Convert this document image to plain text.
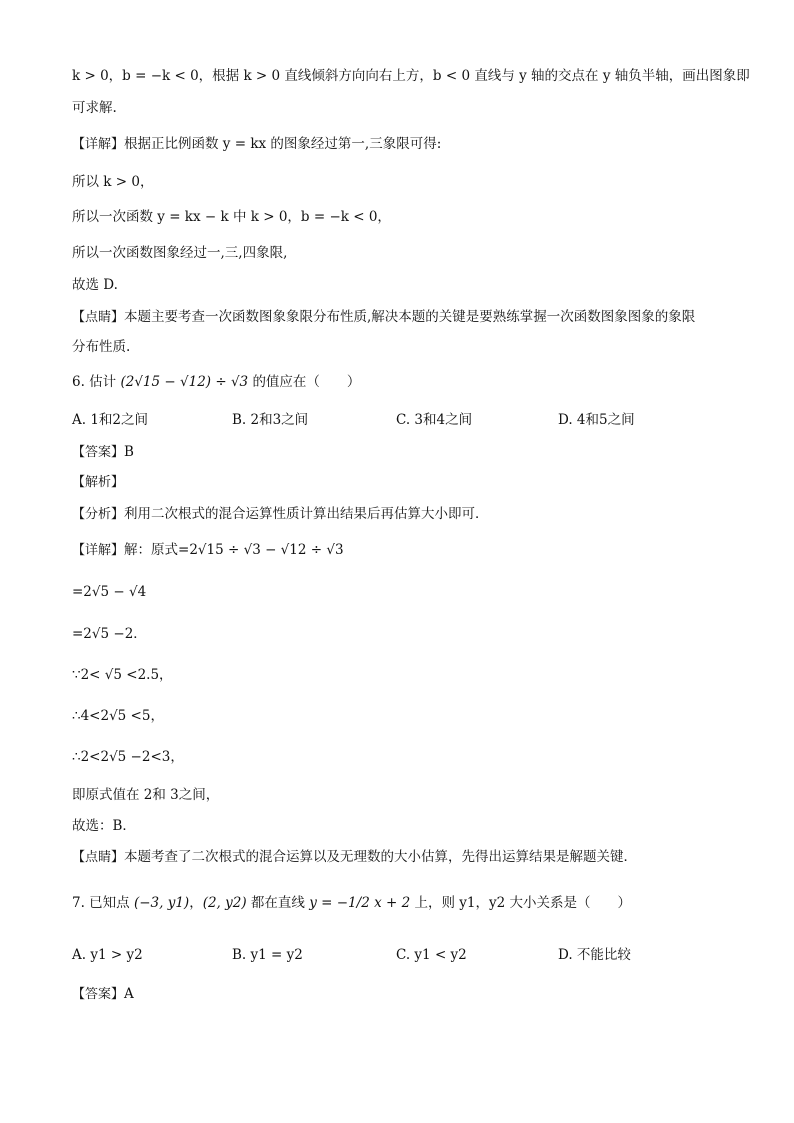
k > 0，b = −k < 0，根据 k > 0 直线倾斜方向向右上方，b < 0 直线与 y 轴的交点在 y 轴负半轴，画出图象即
可求解.
【详解】根据正比例函数 y = kx 的图象经过第一,三象限可得:
所以 k > 0，
所以一次函数 y = kx − k 中 k > 0，b = −k < 0，
所以一次函数图象经过一,三,四象限,
故选 D.
【点睛】本题主要考查一次函数图象象限分布性质,解决本题的关键是要熟练掌握一次函数图象图象的象限
分布性质.
6. 估计 (2√15 − √12) ÷ √3 的值应在（　　）
A. 1和2之间	B. 2和3之间	C. 3和4之间	D. 4和5之间
【答案】B
【解析】
【分析】利用二次根式的混合运算性质计算出结果后再估算大小即可．
【详解】解：原式=2√15 ÷ √3 − √12 ÷ √3
=2√5 − √4
=2√5 −2．
∵2< √5 <2.5，
∴4<2√5 <5，
∴2<2√5 −2<3，
即原式值在 2和 3之间，
故选：B．
【点睛】本题考查了二次根式的混合运算以及无理数的大小估算，先得出运算结果是解题关键．
7. 已知点 (−3, y1)，(2, y2) 都在直线 y = −1/2 x + 2 上，则 y1，y2 大小关系是（　　）
A. y1 > y2	B. y1 = y2	C. y1 < y2	D. 不能比较
【答案】A
